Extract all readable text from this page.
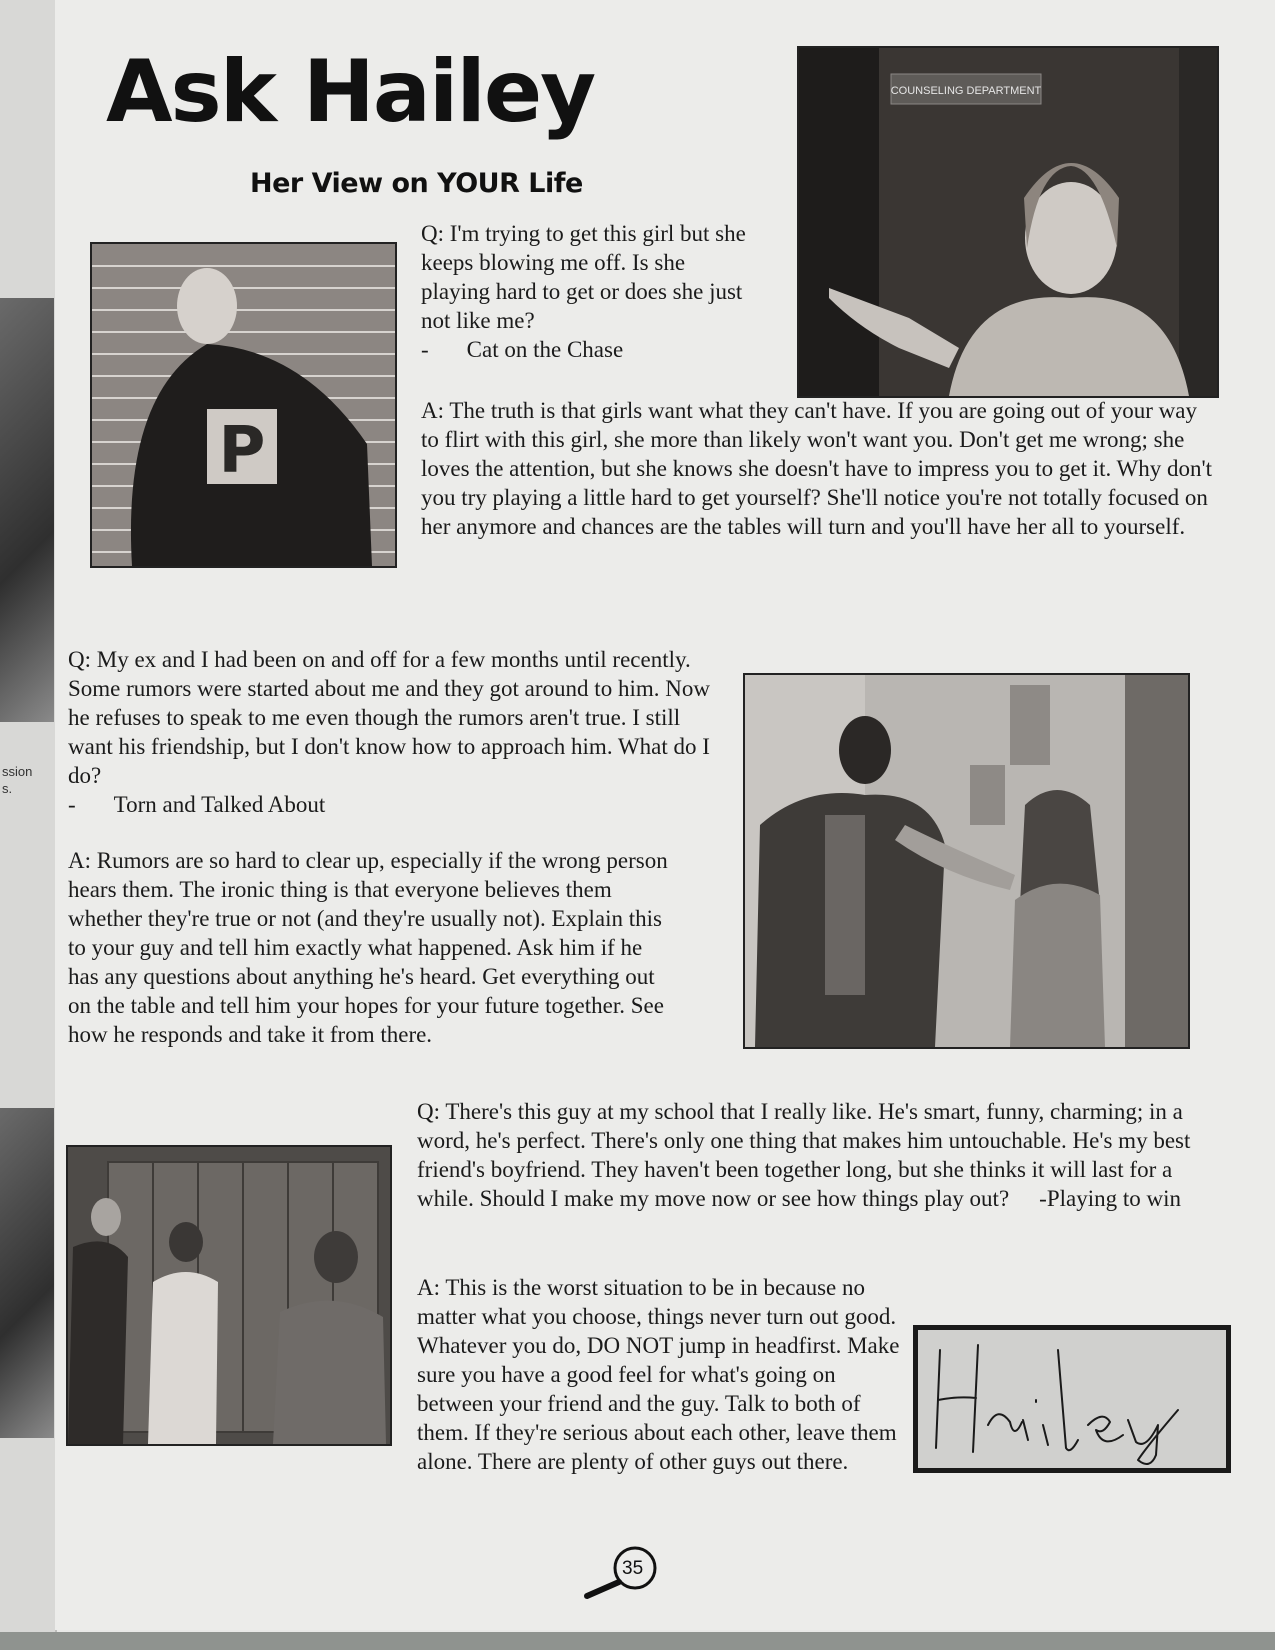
ssion
s.
Ask Hailey
Her View on YOUR Life
COUNSELING DEPARTMENT
P

Q: I'm trying to get this girl but she keeps blowing me off. Is she playing hard to get or does she just not like me?

- Cat on the Chase

A: The truth is that girls want what they can't have. If you are going out of your way to flirt with this girl, she more than likely won't want you. Don't get me wrong; she loves the attention, but she knows she doesn't have to impress you to get it. Why don't you try playing a little hard to get yourself? She'll notice you're not totally focused on her anymore and chances are the tables will turn and you'll have her all to yourself.

Q: My ex and I had been on and off for a few months until recently. Some rumors were started about me and they got around to him. Now he refuses to speak to me even though the rumors aren't true. I still want his friendship, but I don't know how to approach him. What do I do?

- Torn and Talked About

A: Rumors are so hard to clear up, especially if the wrong person hears them. The ironic thing is that everyone believes them whether they're true or not (and they're usually not). Explain this to your guy and tell him exactly what happened. Ask him if he has any questions about anything he's heard. Get everything out on the table and tell him your hopes for your future together. See how he responds and take it from there.

Q: There's this guy at my school that I really like. He's smart, funny, charming; in a word, he's perfect. There's only one thing that makes him untouchable. He's my best friend's boyfriend. They haven't been together long, but she thinks it will last for a while. Should I make my move now or see how things play out? -Playing to win

A: This is the worst situation to be in because no matter what you choose, things never turn out good. Whatever you do, DO NOT jump in headfirst. Make sure you have a good feel for what's going on between your friend and the guy. Talk to both of them. If they're serious about each other, leave them alone. There are plenty of other guys out there.

35
